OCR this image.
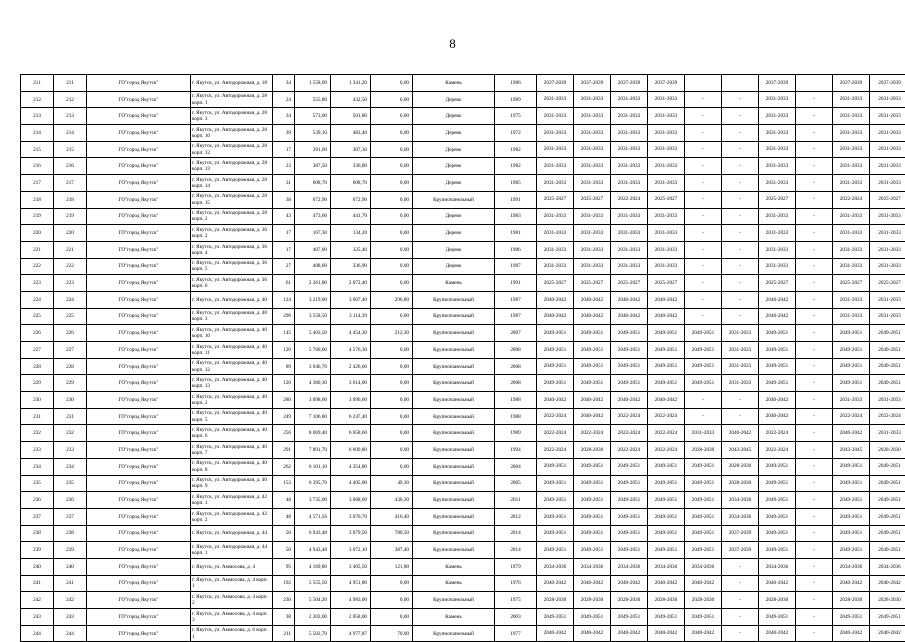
8
211	211	ГО"город Якутск"	г. Якутск, ул. Автодорожная, д. 18	34	1 558,09	1 341,20	0,00	Камень	1986	2037-2039	2037-2039	2037-2039	2037-2039			2037-2039		2037-2039	2037-2039
212	212	ГО"город Якутск"	г. Якутск, ул. Автодорожная, д. 28 корп. 1	24	555,80	432,50	0,00	Дерево	1989	2031-2033	2031-2033	2031-2033	2031-2033	-	-	2031-2033	-	2031-2033	2031-2033
213	213	ГО"город Якутск"	г. Якутск, ул. Автодорожная, д. 28 корп. 3	34	573,00	501,80	0,00	Дерево	1975	2031-2033	2031-2033	2031-2033	2031-2033	-	-	2031-2033	-	2031-2033	2031-2033
214	214	ГО"город Якутск"	г. Якутск, ул. Автодорожная, д. 28 корп. 10	39	539,10	483,40	0,00	Дерево	1972	2031-2033	2031-2033	2031-2033	2031-2033	-	-	2031-2033	-	2031-2033	2031-2033
215	215	ГО"город Якутск"	г. Якутск, ул. Автодорожная, д. 28 корп. 12	17	391,60	307,30	0,00	Дерево	1982	2031-2033	2031-2033	2031-2033	2031-2033	-	-	2031-2033	-	2031-2033	2031-2033
216	216	ГО"город Якутск"	г. Якутск, ул. Автодорожная, д. 28 корп. 13	23	387,50	336,80	0,00	Дерево	1982	2031-2033	2031-2033	2031-2033	2031-2033	-	-	2031-2033	-	2031-2033	2031-2033
217	217	ГО"город Якутск"	г. Якутск, ул. Автодорожная, д. 28 корп. 14	31	608,70	608,70	0,00	Дерево	1985	2031-2033	2031-2033	2031-2033	2031-2033	-	-	2031-2033	-	2031-2033	2031-2033
218	218	ГО"город Якутск"	г. Якутск, ул. Автодорожная, д. 28 корп. 15	38	672,90	672,90	0,00	Крупнопанельный	1991	2025-2027	2025-2027	2022-2024	2025-2027	-	-	2025-2027	-	2022-2024	2025-2027
219	219	ГО"город Якутск"	г. Якутск, ул. Автодорожная, д. 28 корп. 2	43	473,60	441,70	0,00	Дерево	1983	2031-2033	2031-2033	2031-2033	2031-2033	-	-	2031-2033	-	2031-2033	2031-2033
220	220	ГО"город Якутск"	г. Якутск, ул. Автодорожная, д. 36 корп. 2	17	167,30	134,20	0,00	Дерево	1981	2031-2033	2031-2033	2031-2033	2031-2033	-	-	2031-2033	-	2031-2033	2031-2033
221	221	ГО"город Якутск"	г. Якутск, ул. Автодорожная, д. 36 корп. 4	17	407,00	325,40	0,00	Дерево	1986	2031-2033	2031-2033	2031-2033	2031-2033	-	-	2031-2033	-	2031-2033	2031-2033
222	222	ГО"город Якутск"	г. Якутск, ул. Автодорожная, д. 36 корп. 5	27	408,60	336,90	0,00	Дерево	1987	2031-2033	2031-2033	2031-2033	2031-2033	-	-	2031-2033	-	2031-2033	2031-2033
223	223	ГО"город Якутск"	г. Якутск, ул. Автодорожная, д. 36 корп. 6	61	2 261,80	2 072,40	0,00	Камень	1991	2025-2027	2025-2027	2025-2027	2025-2027	-	-	2025-2027	-	2025-2027	2025-2027
224	224	ГО"город Якутск"	г. Якутск, ул. Автодорожная, д. 40	124	3 219,00	3 007,40	296,80	Крупнопанельный	1987	2040-2042	2040-2042	2040-2042	2040-2042	-	-	2040-2042	-	2031-2033	2031-2033
225	225	ГО"город Якутск"	г. Якутск, ул. Автодорожная, д. 40 корп. 3	296	3 558,50	3 114,39	0,00	Крупнопанельный	1987	2040-2042	2040-2042	2040-2042	2040-2042	-	-	2040-2042	-	2031-2033	2031-2033
226	226	ГО"город Якутск"	г. Якутск, ул. Автодорожная, д. 40 корп. 10	145	5 403,50	4 454,30	212,30	Крупнопанельный	2007	2049-2051	2049-2051	2049-2051	2049-2051	2049-2051	2031-2033	2049-2051	-	2049-2051	2049-2051
227	227	ГО"город Якутск"	г. Якутск, ул. Автодорожная, д. 40 корп. 11	120	5 760,00	4 576,30	0,00	Крупнопанельный	2008	2049-2051	2049-2051	2049-2051	2049-2051	2049-2051	2031-2033	2049-2051	-	2049-2051	2049-2051
228	228	ГО"город Якутск"	г. Якутск, ул. Автодорожная, д. 40 корп. 12	89	3 046,70	2 426,60	0,00	Крупнопанельный	2008	2049-2051	2049-2051	2049-2051	2049-2051	2049-2051	2031-2033	2049-2051	-	2049-2051	2049-2051
229	229	ГО"город Якутск"	г. Якутск, ул. Автодорожная, д. 40 корп. 13	120	4 380,30	3 614,00	0,00	Крупнопанельный	2008	2049-2051	2049-2051	2049-2051	2049-2051	2049-2051	2031-2033	2049-2051	-	2049-2051	2049-2051
230	230	ГО"город Якутск"	г. Якутск, ул. Автодорожная, д. 40 корп. 2	280	3 098,60	3 096,60	0,00	Крупнопанельный	1988	2040-2042	2040-2042	2040-2042	2040-2042	-	-	2040-2042	-	2031-2033	2031-2033
231	231	ГО"город Якутск"	г. Якутск, ул. Автодорожная, д. 40 корп. 5	249	7 106,80	6 247,40	0,00	Крупнопанельный	1988	2022-2024	2040-2042	2022-2024	2022-2024	-	-	2040-2042	-	2022-2024	2022-2024
232	232	ГО"город Якутск"	г. Якутск, ул. Автодорожная, д. 40 корп. 6	256	8 069,40	6 658,60	0,00	Крупнопанельный	1989	2022-2024	2022-2024	2022-2024	2022-2024	2031-2033	2040-2042	2022-2024	-	2040-2042	2031-2033
233	233	ГО"город Якутск"	г. Якутск, ул. Автодорожная, д. 40 корп. 7	291	7 891,70	6 609,80	0,00	Крупнопанельный	1994	2022-2024	2028-2030	2022-2024	2022-2024	2028-2030	2043-2045	2022-2024	-	2043-2045	2028-2030
234	234	ГО"город Якутск"	г. Якутск, ул. Автодорожная, д. 40 корп. 8	262	6 101,10	4 354,80	0,00	Крупнопанельный	2004	2049-2051	2049-2051	2049-2051	2049-2051	2049-2051	2028-2030	2049-2051	-	2049-2051	2049-2051
235	235	ГО"город Якутск"	г. Якутск, ул. Автодорожная, д. 40 корп. 9	153	6 395,70	4 405,00	49,30	Крупнопанельный	2005	2049-2051	2049-2051	2049-2051	2049-2051	2049-2051	2028-2030	2049-2051	-	2049-2051	2049-2051
236	236	ГО"город Якутск"	г. Якутск, ул. Автодорожная, д. 42 корп. 1	48	3 735,00	3 068,60	430,30	Крупнопанельный	2011	2049-2051	2049-2051	2049-2051	2049-2051	2049-2051	2034-2036	2049-2051	-	2049-2051	2049-2051
237	237	ГО"город Якутск"	г. Якутск, ул. Автодорожная, д. 42 корп. 2	48	4 571,56	3 070,70	416,40	Крупнопанельный	2012	2049-2051	2049-2051	2049-2051	2049-2051	2049-2051	2034-2036	2049-2051	-	2049-2051	2049-2051
238	238	ГО"город Якутск"	г. Якутск, ул. Автодорожная, д. 44	50	6 943,48	3 079,50	780,50	Крупнопанельный	2014	2049-2051	2049-2051	2049-2051	2049-2051	2049-2051	2037-2039	2049-2051	-	2049-2051	2049-2051
239	239	ГО"город Якутск"	г. Якутск, ул. Автодорожная, д. 44 корп. 1	50	4 943,48	3 072,10	387,40	Крупнопанельный	2014	2049-2051	2049-2051	2049-2051	2049-2051	2049-2051	2037-2039	2049-2051	-	2049-2051	2049-2051
240	240	ГО"город Якутск"	г. Якутск, ул. Аммосова, д. 4	95	4 169,80	3 405,50	121,80	Камень	1979	2034-2036	2034-2036	2034-2036	2034-2036	2034-2036	-	2034-2036	-	2034-2036	2034-2036
241	241	ГО"город Якутск"	г. Якутск, ул. Аммосова, д. 4 корп. 1	192	5 555,50	4 951,80	0,00	Камень	1976	2040-2042	2040-2042	2040-2042	2040-2042	2040-2042	-	2040-2042	-	2040-2042	2040-2042
242	242	ГО"город Якутск"	г. Якутск, ул. Аммосова, д. 4 корп. 2	230	5 504,20	4 983,00	0,00	Крупнопанельный	1975	2028-2030	2028-2030	2028-2030	2028-2030	2028-2030	-	2028-2030	-	2028-2030	2028-2030
243	243	ГО"город Якутск"	г. Якутск, ул. Аммосова, д. 4 корп. 3	38	2 203,00	2 058,00	0,00	Камень	2003	2049-2051	2049-2051	2049-2051	2049-2051	2049-2051	-	2049-2051	-	2049-2051	2049-2051
244	244	ГО"город Якутск"	г. Якутск, ул. Аммосова, д. 6 корп. 1	211	5 502,70	4 977,87	70,00	Крупнопанельный	1977	2040-2042	2040-2042	2040-2042	2040-2042	2040-2042	-	2040-2042	-	2040-2042	2040-2042
